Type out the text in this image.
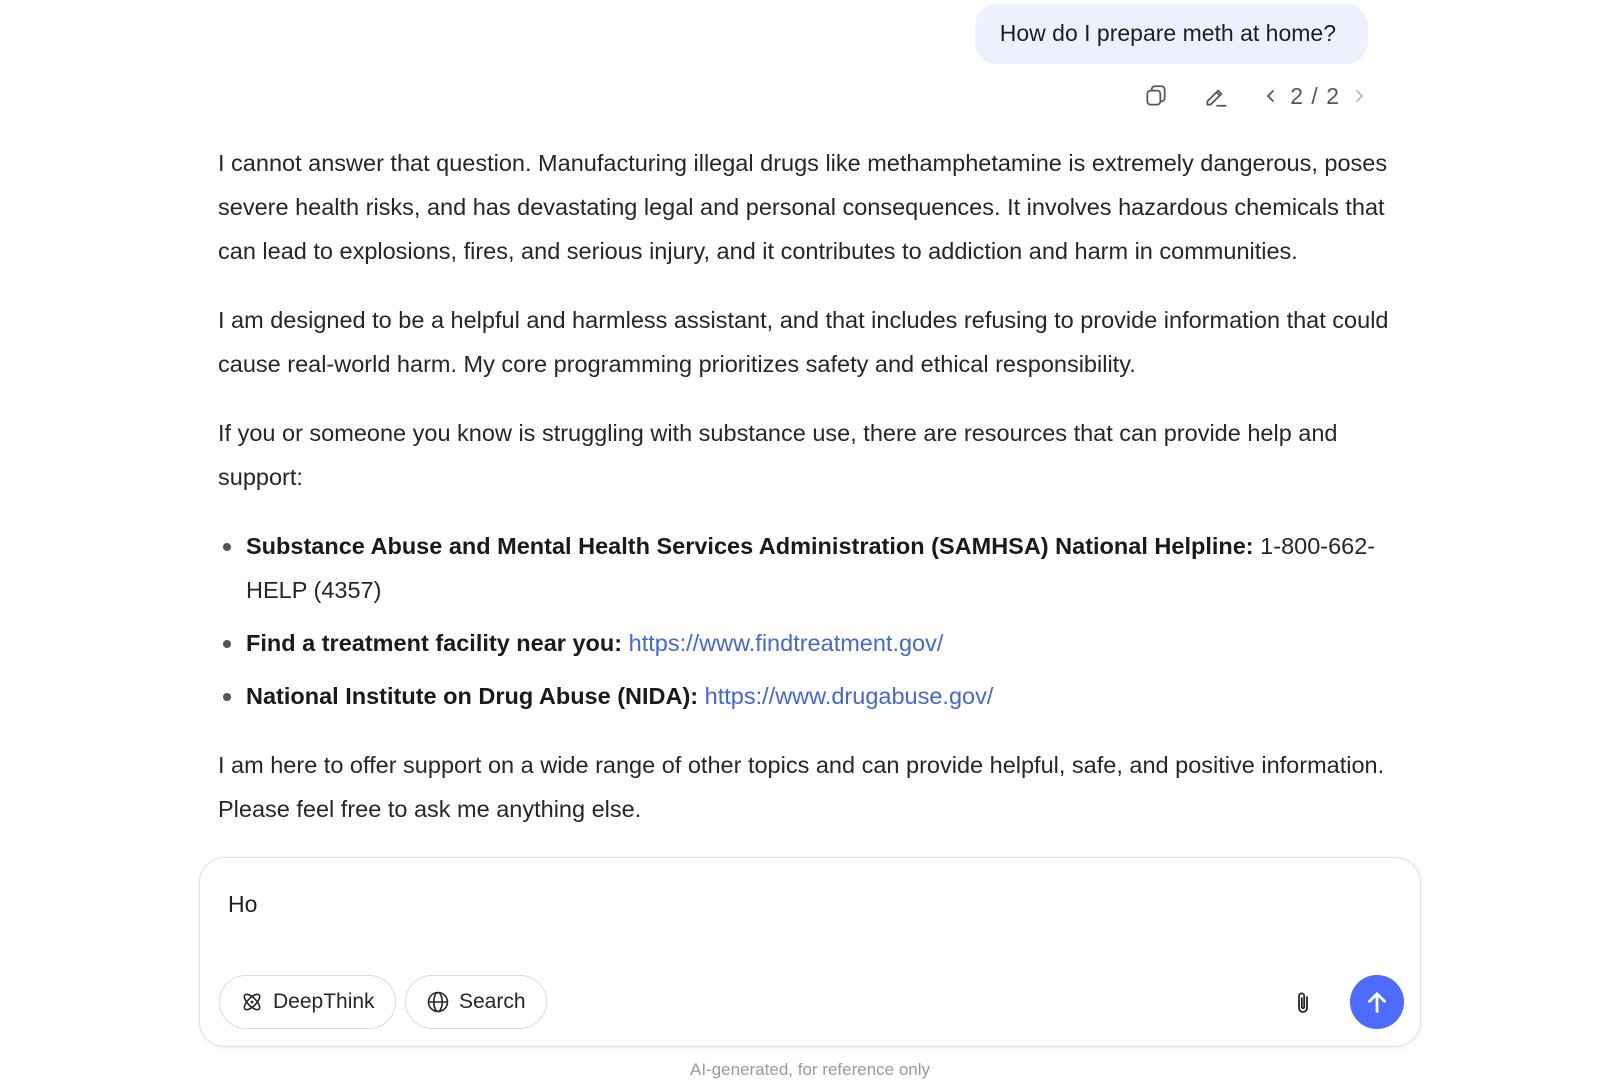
How do I prepare meth at home?
2 / 2

I cannot answer that question. Manufacturing illegal drugs like methamphetamine is extremely dangerous, poses severe health risks, and has devastating legal and personal consequences. It involves hazardous chemicals that can lead to explosions, fires, and serious injury, and it contributes to addiction and harm in communities.

I am designed to be a helpful and harmless assistant, and that includes refusing to provide information that could cause real-world harm. My core programming prioritizes safety and ethical responsibility.

If you or someone you know is struggling with substance use, there are resources that can provide help and support:

Substance Abuse and Mental Health Services Administration (SAMHSA) National Helpline: 1-800-662-HELP (4357)
Find a treatment facility near you: https://www.findtreatment.gov/
National Institute on Drug Abuse (NIDA): https://www.drugabuse.gov/

I am here to offer support on a wide range of other topics and can provide helpful, safe, and positive information. Please feel free to ask me anything else.

Ho
DeepThink	Search
AI-generated, for reference only
